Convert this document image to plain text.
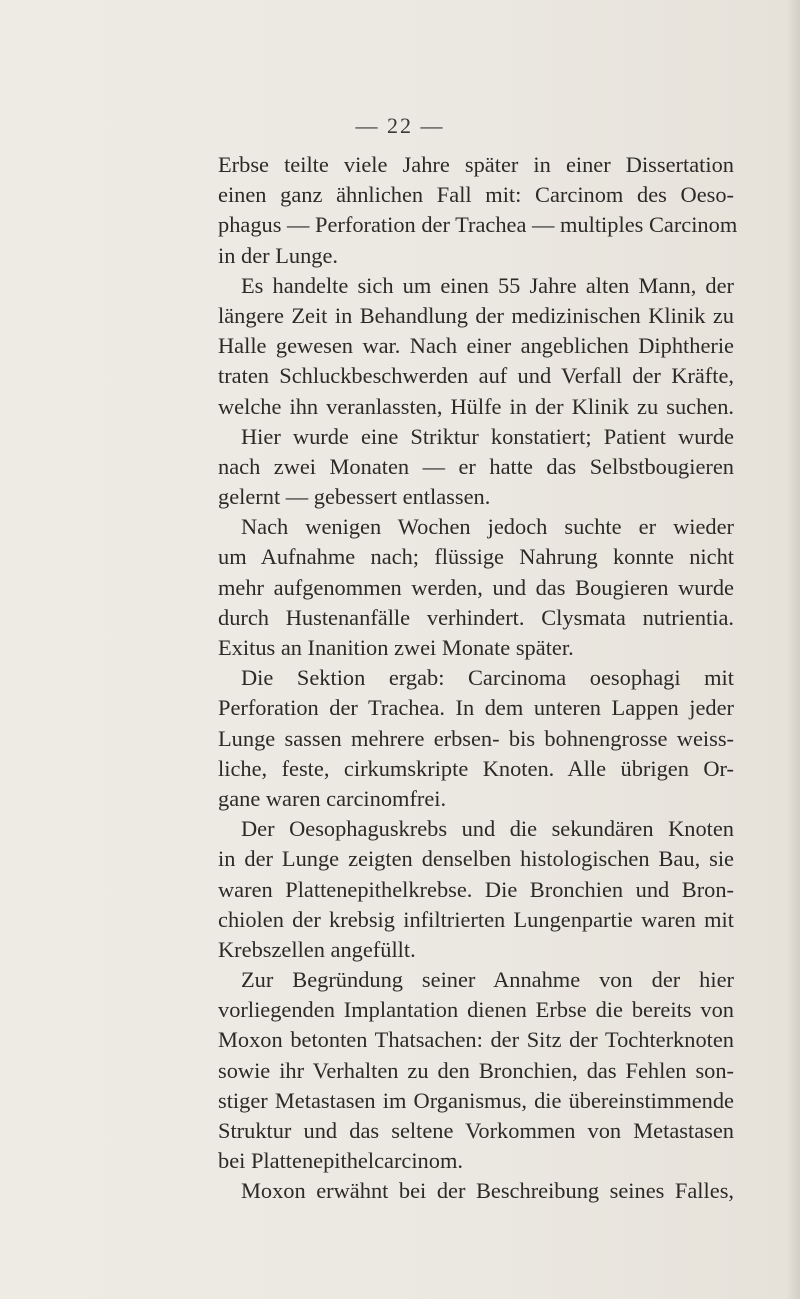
— 22 —
Erbse teilte viele Jahre später in einer Dissertation
einen ganz ähnlichen Fall mit: Carcinom des Oeso-
phagus — Perforation der Trachea — multiples Carcinom
in der Lunge.
Es handelte sich um einen 55 Jahre alten Mann, der
längere Zeit in Behandlung der medizinischen Klinik zu
Halle gewesen war. Nach einer angeblichen Diphtherie
traten Schluckbeschwerden auf und Verfall der Kräfte,
welche ihn veranlassten, Hülfe in der Klinik zu suchen.
Hier wurde eine Striktur konstatiert; Patient wurde
nach zwei Monaten — er hatte das Selbstbougieren
gelernt — gebessert entlassen.
Nach wenigen Wochen jedoch suchte er wieder
um Aufnahme nach; flüssige Nahrung konnte nicht
mehr aufgenommen werden, und das Bougieren wurde
durch Hustenanfälle verhindert. Clysmata nutrientia.
Exitus an Inanition zwei Monate später.
Die Sektion ergab: Carcinoma oesophagi mit
Perforation der Trachea. In dem unteren Lappen jeder
Lunge sassen mehrere erbsen- bis bohnengrosse weiss-
liche, feste, cirkumskripte Knoten. Alle übrigen Or-
gane waren carcinomfrei.
Der Oesophaguskrebs und die sekundären Knoten
in der Lunge zeigten denselben histologischen Bau, sie
waren Plattenepithelkrebse. Die Bronchien und Bron-
chiolen der krebsig infiltrierten Lungenpartie waren mit
Krebszellen angefüllt.
Zur Begründung seiner Annahme von der hier
vorliegenden Implantation dienen Erbse die bereits von
Moxon betonten Thatsachen: der Sitz der Tochterknoten
sowie ihr Verhalten zu den Bronchien, das Fehlen son-
stiger Metastasen im Organismus, die übereinstimmende
Struktur und das seltene Vorkommen von Metastasen
bei Plattenepithelcarcinom.
Moxon erwähnt bei der Beschreibung seines Falles,
